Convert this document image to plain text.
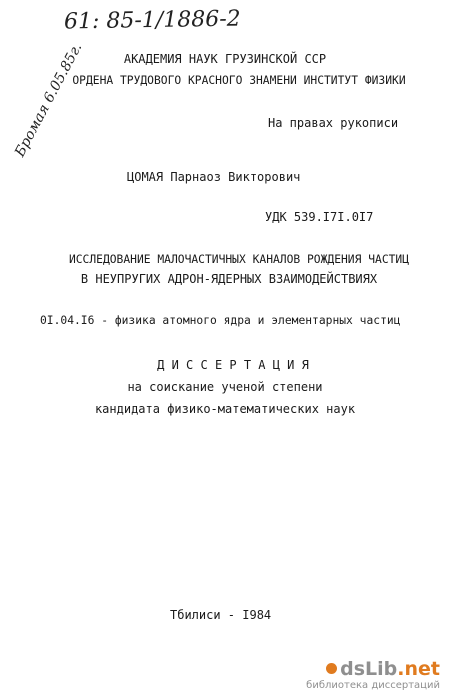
61: 85-1/1886-2
Бромая 6.05.85г.	АКАДЕМИЯ НАУК ГРУЗИНСКОЙ ССР
ОРДЕНА ТРУДОВОГО КРАСНОГО ЗНАМЕНИ ИНСТИТУТ ФИЗИКИ
На правах рукописи
ЦОМАЯ Парнаоз Викторович
УДК 539.I7I.0I7
ИССЛЕДОВАНИЕ МАЛОЧАСТИЧНЫХ КАНАЛОВ РОЖДЕНИЯ ЧАСТИЦ
В НЕУПРУГИХ АДРОН-ЯДЕРНЫХ ВЗАИМОДЕЙСТВИЯХ
0I.04.I6 - физика атомного ядра и элементарных частиц
Д И С С Е Р Т А Ц И Я
на соискание ученой степени
кандидата физико-математических наук
Тбилиси - I984
dsLib.net
библиотека диссертаций
